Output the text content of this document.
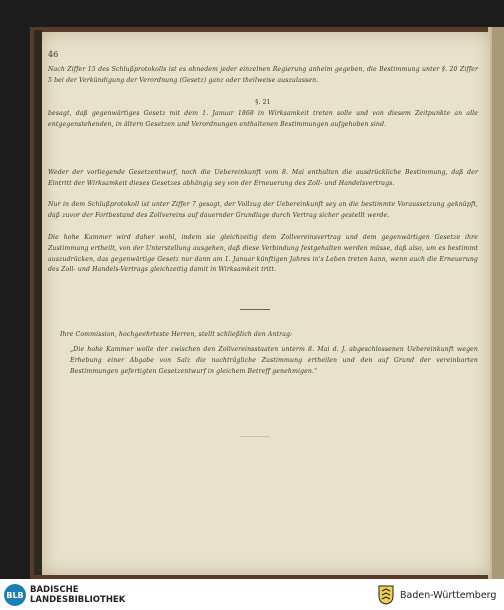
46
Nach Ziffer 15 des Schlußprotokolls ist es ohnedem jeder einzelnen Regierung anheim gegeben, die Bestimmung unter §. 20 Ziffer 5 bei der Verkündigung der Verordnung (Gesetz) ganz oder theilweise auszulassen.
§. 21
besagt, daß gegenwärtiges Gesetz mit dem 1. Januar 1868 in Wirksamkeit treten solle und von diesem Zeitpunkte an alle entgegenstehenden, in ältern Gesetzen und Verordnungen enthaltenen Bestimmungen aufgehoben sind.
Weder der vorliegende Gesetzentwurf, noch die Uebereinkunft vom 8. Mai enthalten die ausdrückliche Bestimmung, daß der Eintritt der Wirksamkeit dieses Gesetzes abhängig sey von der Erneuerung des Zoll- und Handelsvertrags.
Nur in dem Schlußprotokoll ist unter Ziffer 7 gesagt, der Vollzug der Uebereinkunft sey an die bestimmte Voraussetzung geknüpft, daß zuvor der Fortbestand des Zollvereins auf dauernder Grundlage durch Vertrag sicher gestellt werde.
Die hohe Kammer wird daher wohl, indem sie gleichzeitig dem Zollvereinsvertrag und dem gegenwärtigen Gesetze ihre Zustimmung ertheilt, von der Unterstellung ausgehen, daß diese Verbindung festgehalten werden müsse, daß also, um es bestimmt auszudrücken, das gegenwärtige Gesetz nur dann am 1. Januar künftigen Jahres in's Leben treten kann, wenn auch die Erneuerung des Zoll- und Handels-Vertrags gleichzeitig damit in Wirksamkeit tritt.
Ihre Commission, hochgeehrteste Herren, stellt schließlich den Antrag:
„Die hohe Kammer wolle der zwischen den Zollvereinsstaaten unterm 8. Mai d. J. abgeschlossenen Uebereinkunft wegen Erhebung einer Abgabe von Salz die nachträgliche Zustimmung ertheilen und den auf Grund der vereinbarten Bestimmungen gefertigten Gesetzentwurf in gleichem Betreff genehmigen.“
BLB BADISCHE
LANDESBIBLIOTHEK	Baden-Württemberg
